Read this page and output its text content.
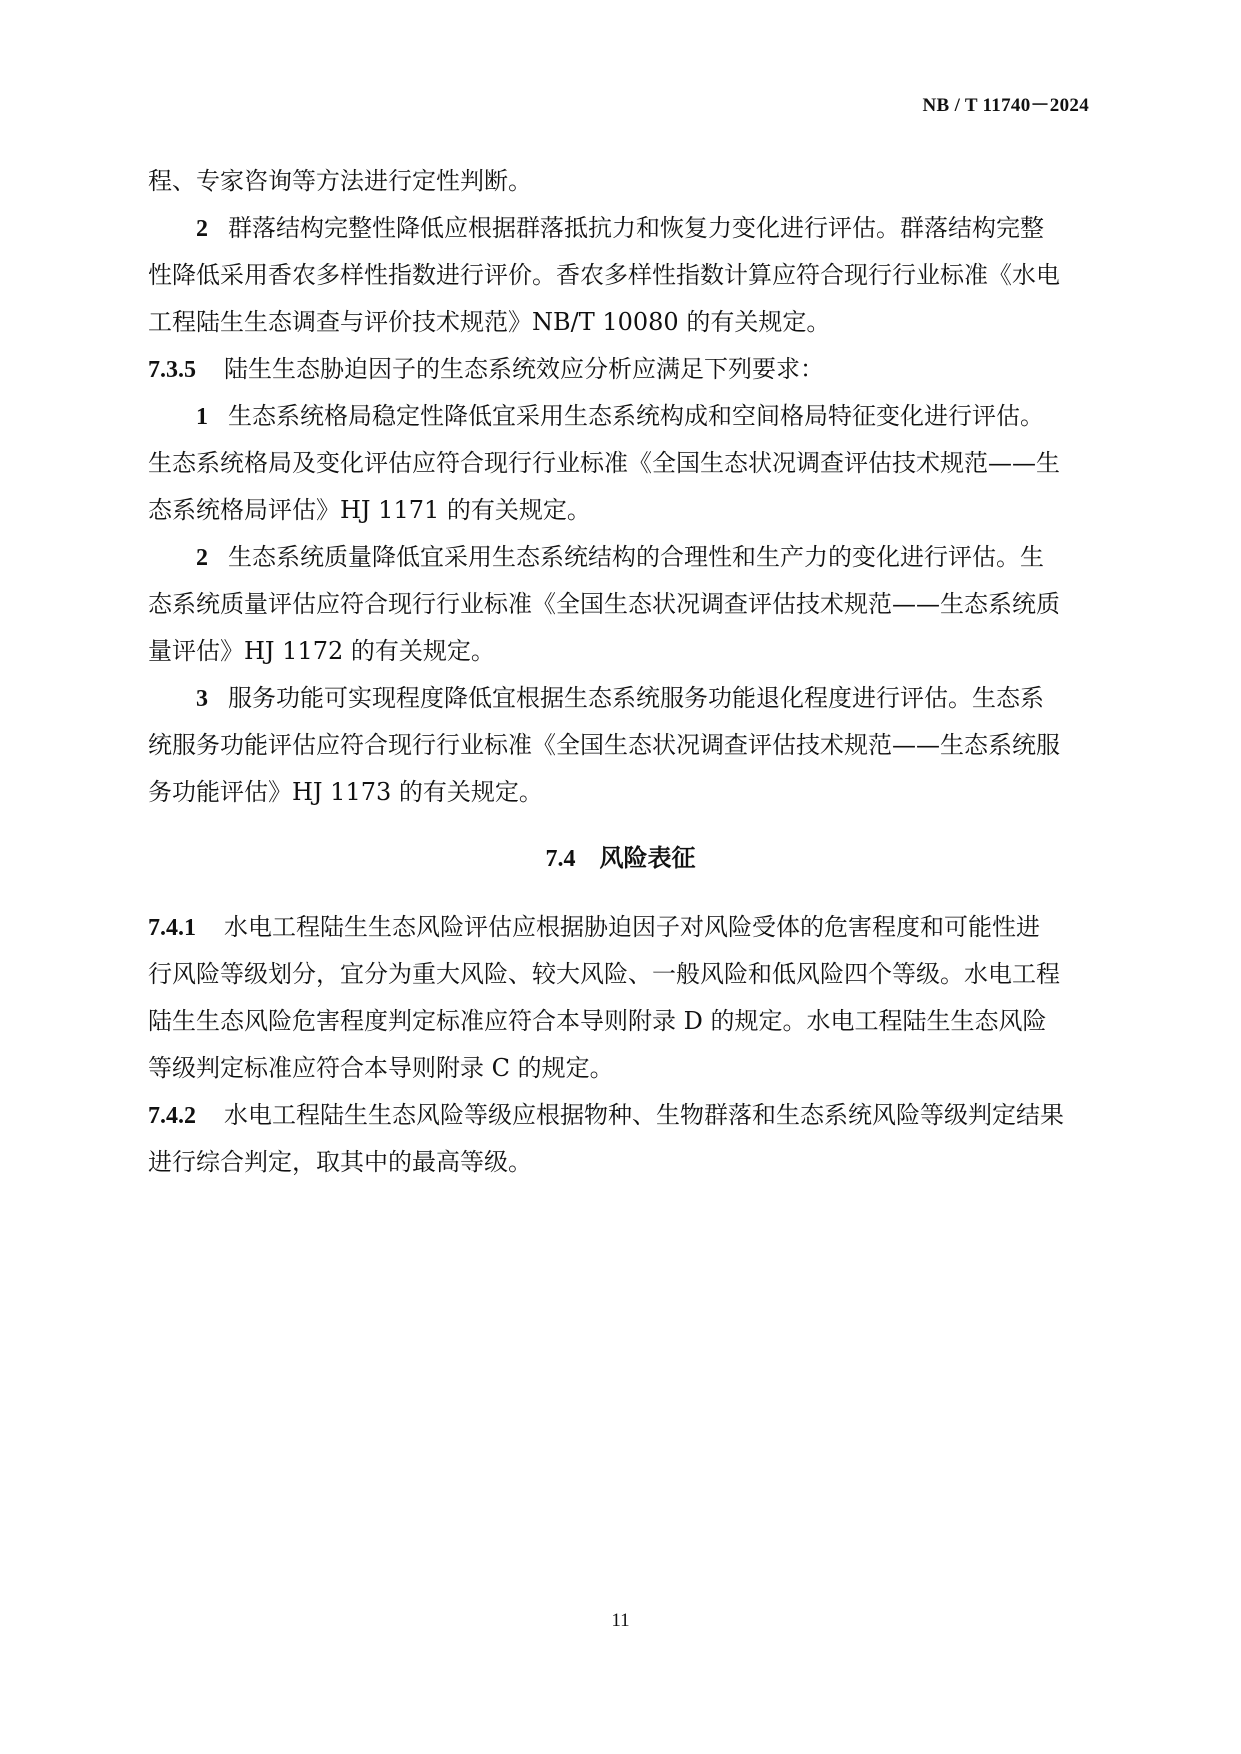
NB / T 11740－2024
程、专家咨询等方法进行定性判断。
2 群落结构完整性降低应根据群落抵抗力和恢复力变化进行评估。群落结构完整
性降低采用香农多样性指数进行评价。香农多样性指数计算应符合现行行业标准《水电
工程陆生生态调查与评价技术规范》NB/T 10080 的有关规定。
7.3.5 陆生生态胁迫因子的生态系统效应分析应满足下列要求：
1 生态系统格局稳定性降低宜采用生态系统构成和空间格局特征变化进行评估。
生态系统格局及变化评估应符合现行行业标准《全国生态状况调查评估技术规范——生
态系统格局评估》HJ 1171 的有关规定。
2 生态系统质量降低宜采用生态系统结构的合理性和生产力的变化进行评估。生
态系统质量评估应符合现行行业标准《全国生态状况调查评估技术规范——生态系统质
量评估》HJ 1172 的有关规定。
3 服务功能可实现程度降低宜根据生态系统服务功能退化程度进行评估。生态系
统服务功能评估应符合现行行业标准《全国生态状况调查评估技术规范——生态系统服
务功能评估》HJ 1173 的有关规定。
7.4 风险表征
7.4.1 水电工程陆生生态风险评估应根据胁迫因子对风险受体的危害程度和可能性进
行风险等级划分，宜分为重大风险、较大风险、一般风险和低风险四个等级。水电工程
陆生生态风险危害程度判定标准应符合本导则附录 D 的规定。水电工程陆生生态风险
等级判定标准应符合本导则附录 C 的规定。
7.4.2 水电工程陆生生态风险等级应根据物种、生物群落和生态系统风险等级判定结果
进行综合判定，取其中的最高等级。
11
